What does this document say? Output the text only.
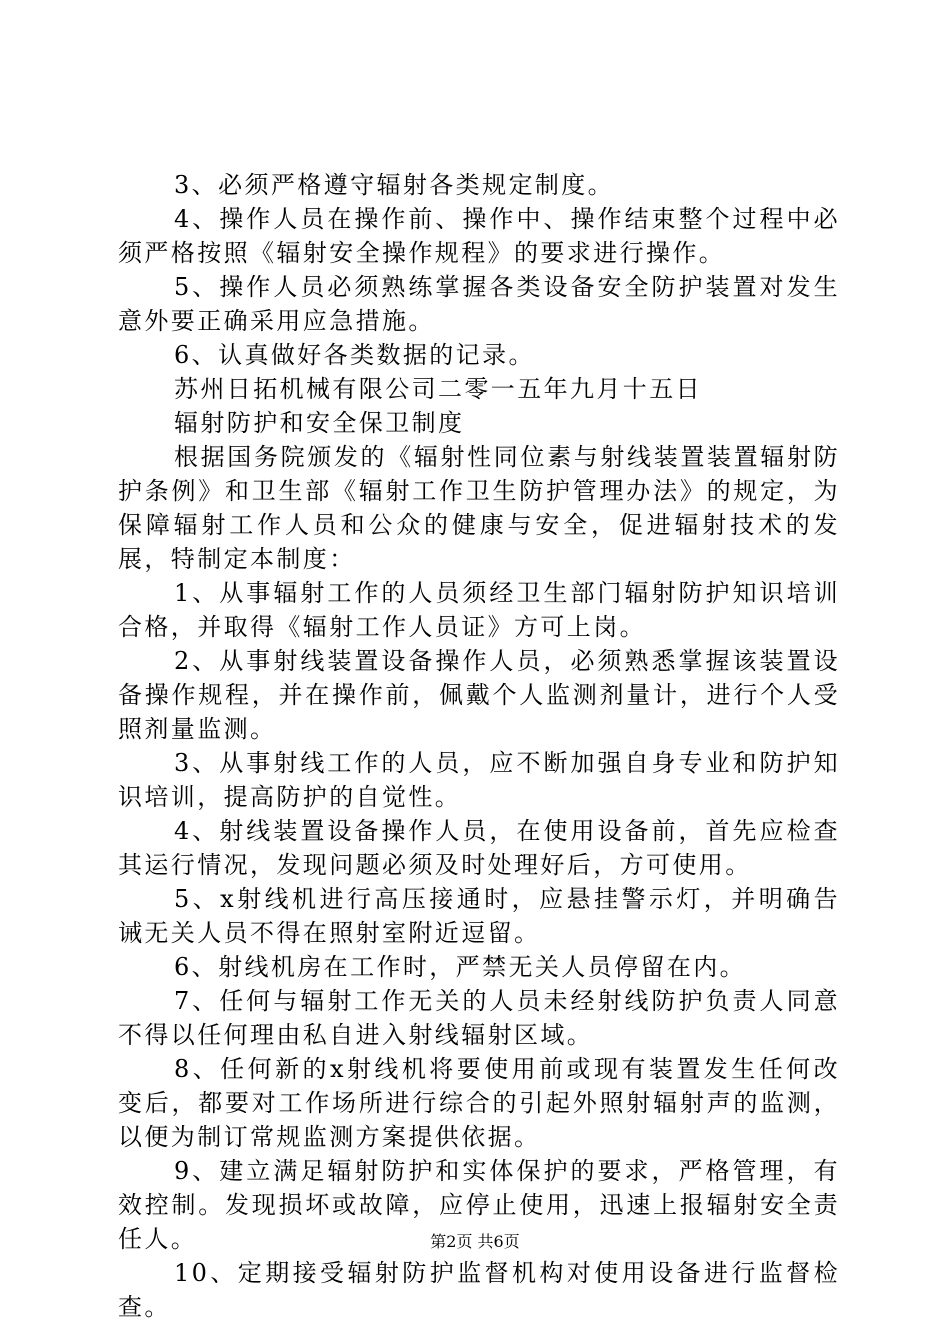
3、必须严格遵守辐射各类规定制度。

4、操作人员在操作前、操作中、操作结束整个过程中必须严格按照《辐射安全操作规程》的要求进行操作。

5、操作人员必须熟练掌握各类设备安全防护装置对发生意外要正确采用应急措施。

6、认真做好各类数据的记录。

苏州日拓机械有限公司二零一五年九月十五日

辐射防护和安全保卫制度

根据国务院颁发的《辐射性同位素与射线装置装置辐射防护条例》和卫生部《辐射工作卫生防护管理办法》的规定，为保障辐射工作人员和公众的健康与安全，促进辐射技术的发展，特制定本制度：

1、从事辐射工作的人员须经卫生部门辐射防护知识培训合格，并取得《辐射工作人员证》方可上岗。

2、从事射线装置设备操作人员，必须熟悉掌握该装置设备操作规程，并在操作前，佩戴个人监测剂量计，进行个人受照剂量监测。

3、从事射线工作的人员，应不断加强自身专业和防护知识培训，提高防护的自觉性。

4、射线装置设备操作人员，在使用设备前，首先应检查其运行情况，发现问题必须及时处理好后，方可使用。

5、x射线机进行高压接通时，应悬挂警示灯，并明确告诫无关人员不得在照射室附近逗留。

6、射线机房在工作时，严禁无关人员停留在内。

7、任何与辐射工作无关的人员未经射线防护负责人同意不得以任何理由私自进入射线辐射区域。

8、任何新的x射线机将要使用前或现有装置发生任何改变后，都要对工作场所进行综合的引起外照射辐射声的监测，以便为制订常规监测方案提供依据。

9、建立满足辐射防护和实体保护的要求，严格管理，有效控制。发现损坏或故障，应停止使用，迅速上报辐射安全责任人。

10、定期接受辐射防护监督机构对使用设备进行监督检查。

第2页 共6页
